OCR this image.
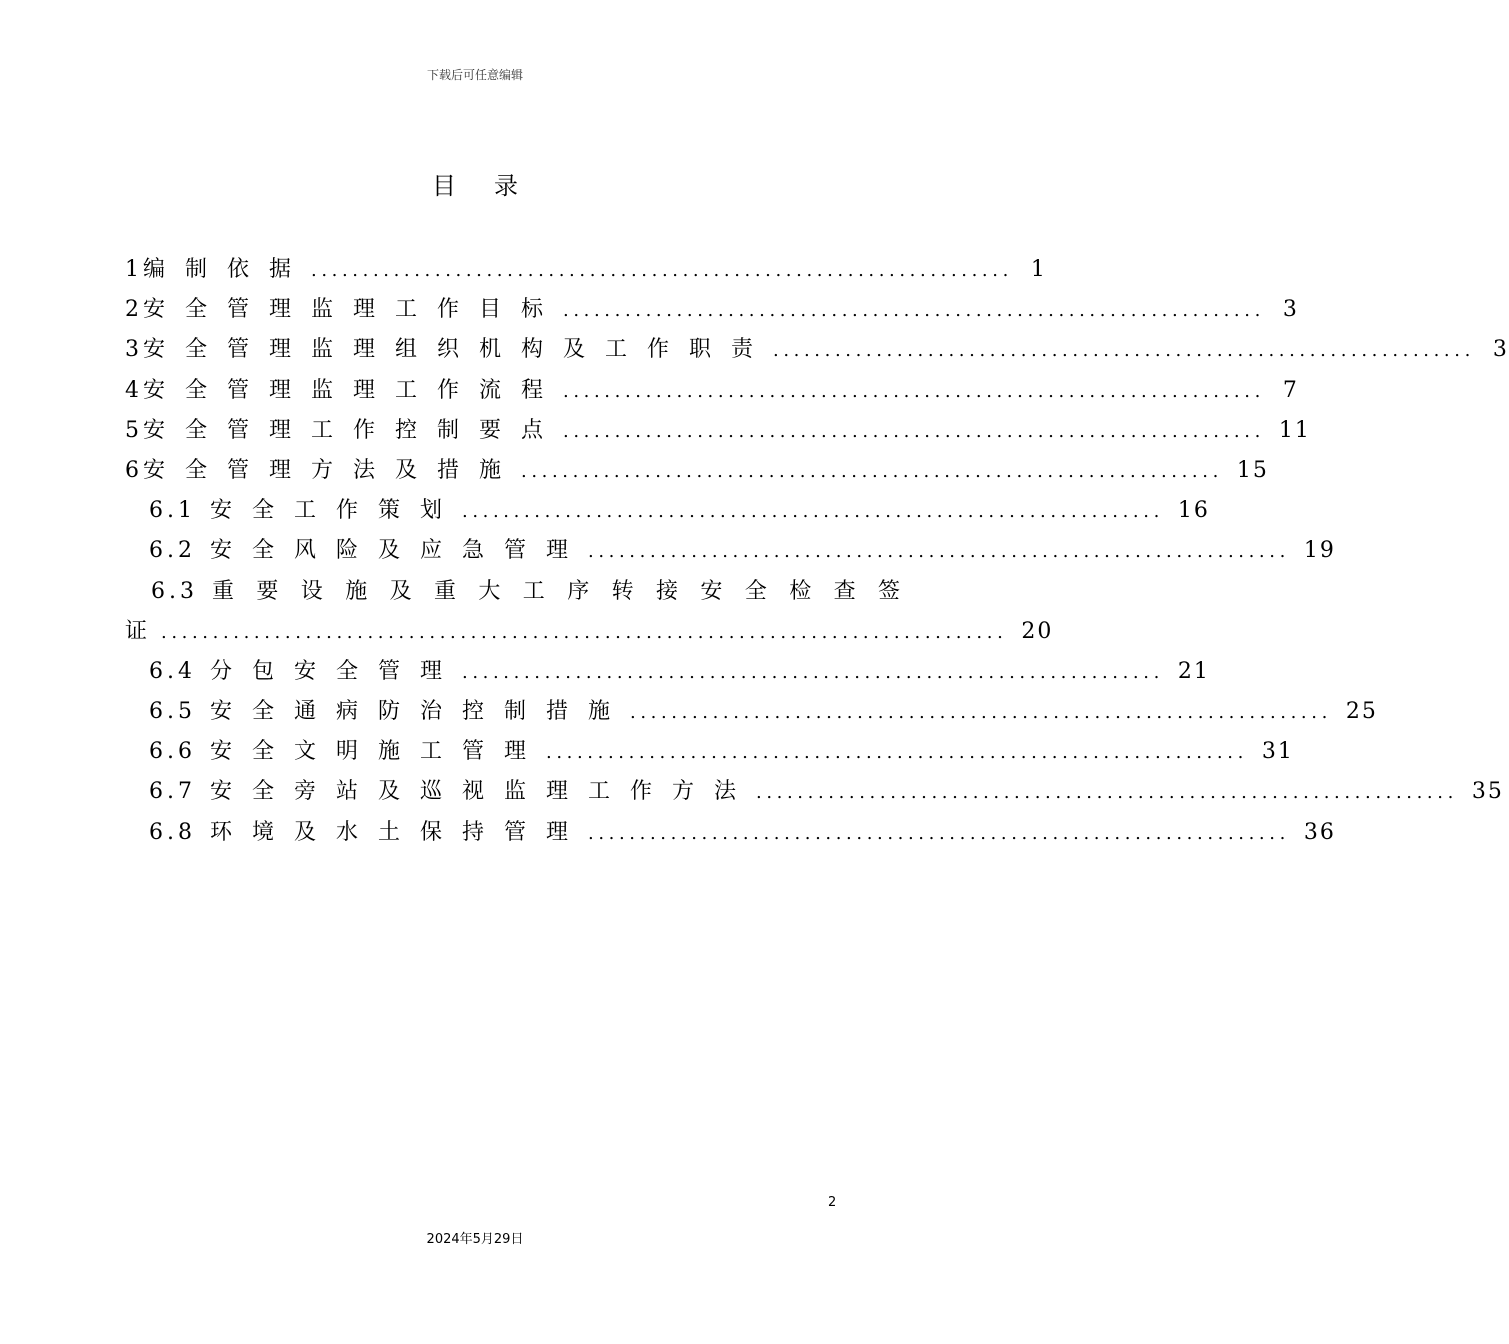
下载后可任意编辑
目录
1 编制依据 .................................................................... 1
2 安全管理监理工作目标 .................................................................... 3
3 安全管理监理组织机构及工作职责 .................................................................... 3
4 安全管理监理工作流程 .................................................................... 7
5 安全管理工作控制要点 .................................................................... 11
6 安全管理方法及措施 .................................................................... 15
6.1 安全工作策划 .................................................................... 16
6.2 安全风险及应急管理 .................................................................... 19
6.3 重要设施及重大工序转接安全检查签
证 .................................................................................. 20
6.4 分包安全管理 .................................................................... 21
6.5 安全通病防治控制措施 .................................................................... 25
6.6 安全文明施工管理 .................................................................... 31
6.7 安全旁站及巡视监理工作方法 .................................................................... 35
6.8 环境及水土保持管理 .................................................................... 36
2
2024年5月29日
